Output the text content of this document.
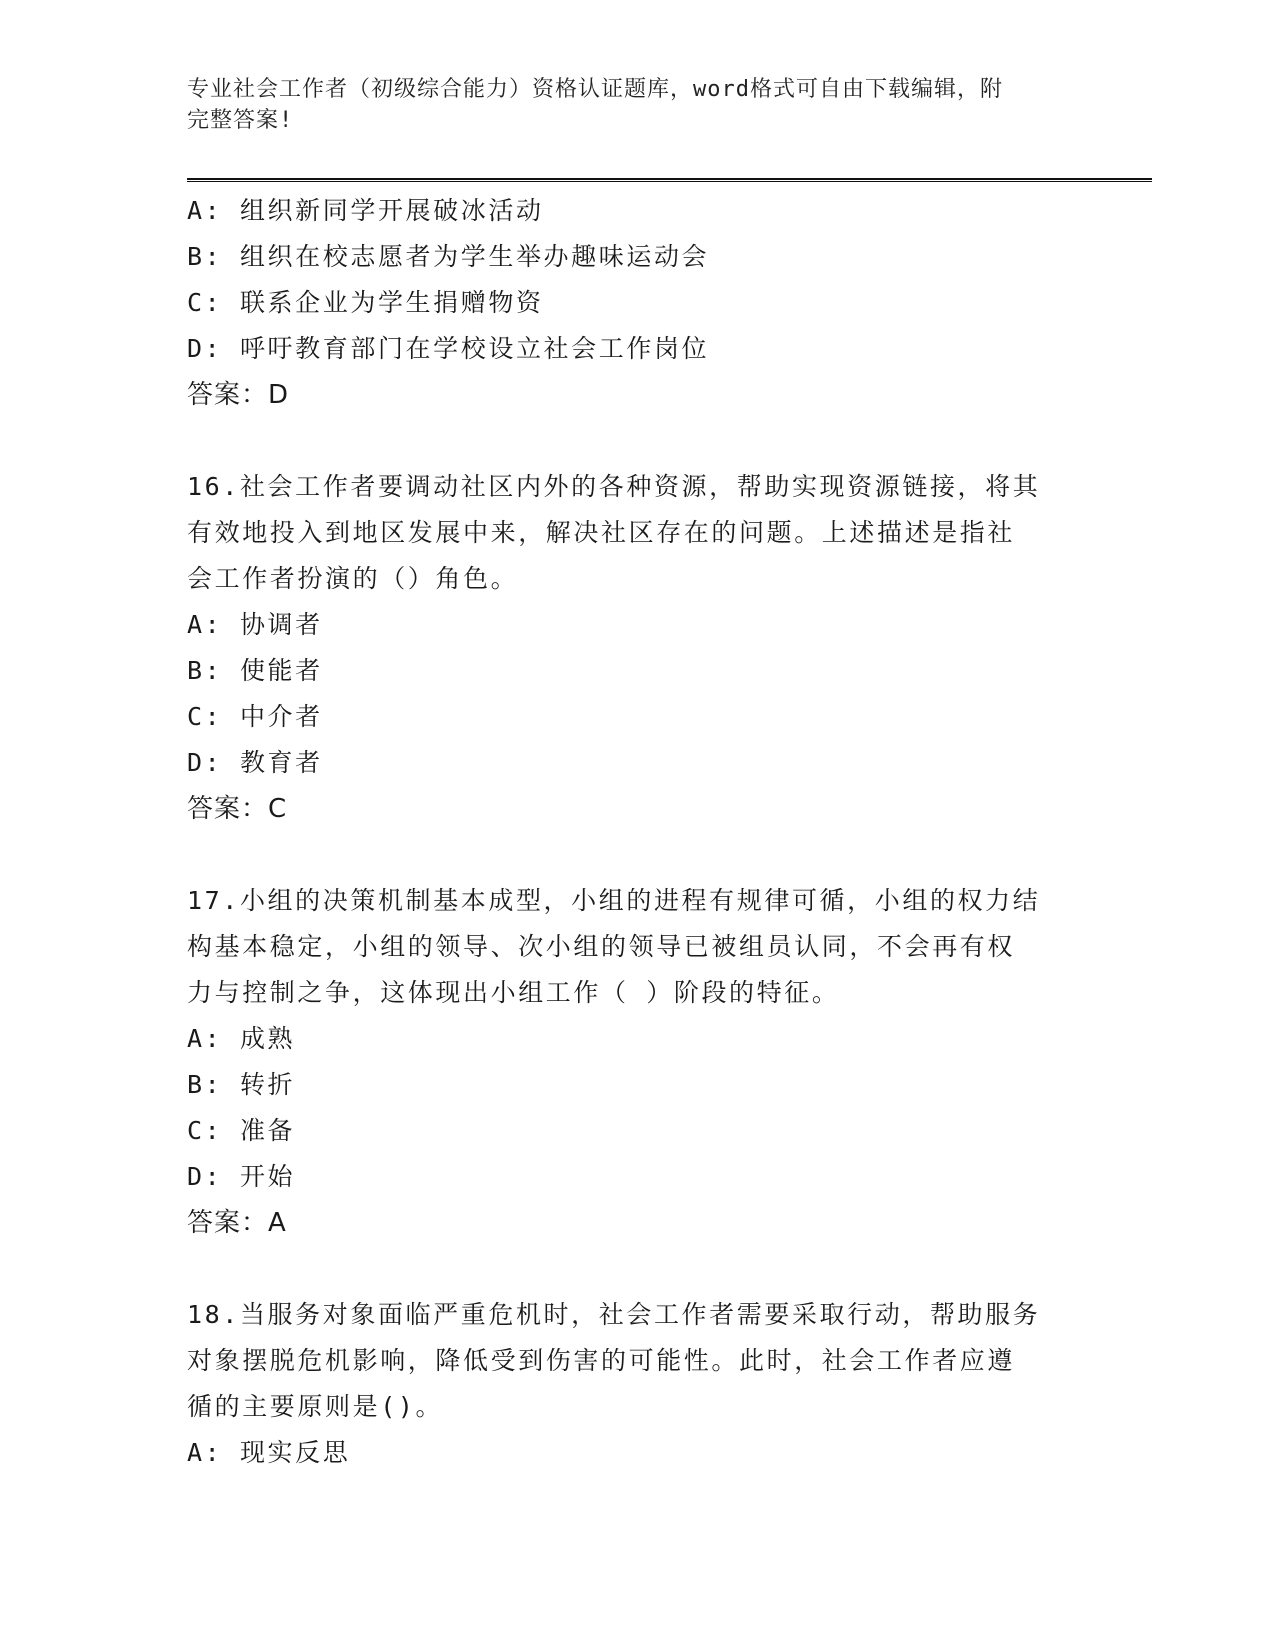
专业社会工作者（初级综合能力）资格认证题库，word格式可自由下载编辑，附
完整答案!
A: 组织新同学开展破冰活动
B: 组织在校志愿者为学生举办趣味运动会
C: 联系企业为学生捐赠物资
D: 呼吁教育部门在学校设立社会工作岗位
答案：D
16.社会工作者要调动社区内外的各种资源，帮助实现资源链接，将其
有效地投入到地区发展中来，解决社区存在的问题。上述描述是指社
会工作者扮演的（）角色。
A: 协调者
B: 使能者
C: 中介者
D: 教育者
答案：C
17.小组的决策机制基本成型，小组的进程有规律可循，小组的权力结
构基本稳定，小组的领导、次小组的领导已被组员认同，不会再有权
力与控制之争，这体现出小组工作（ ）阶段的特征。
A: 成熟
B: 转折
C: 准备
D: 开始
答案：A
18.当服务对象面临严重危机时，社会工作者需要采取行动，帮助服务
对象摆脱危机影响，降低受到伤害的可能性。此时，社会工作者应遵
循的主要原则是()。
A: 现实反思
